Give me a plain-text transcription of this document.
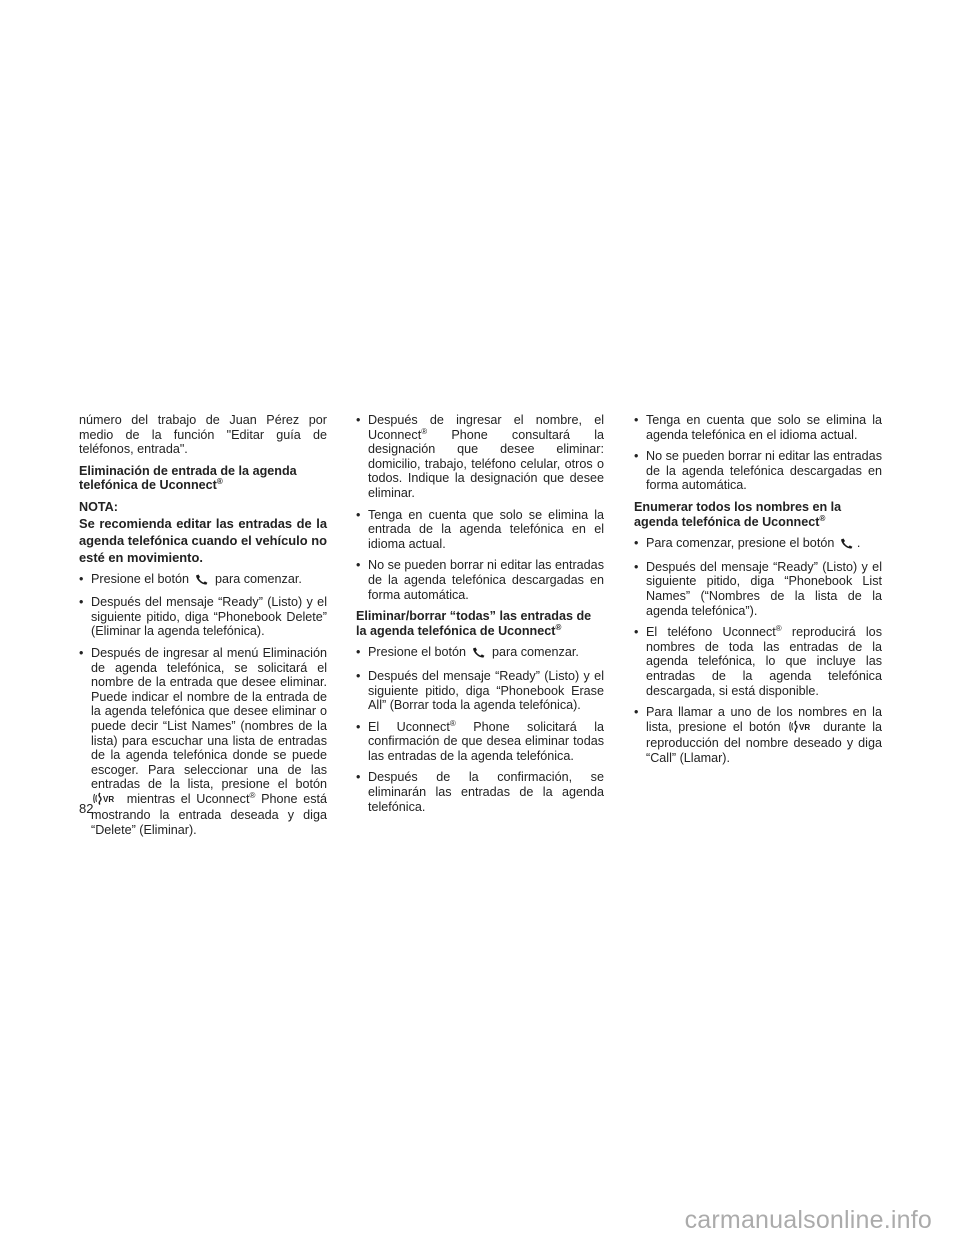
número del trabajo de Juan Pérez por medio de la función "Editar guía de teléfonos, entrada".

Eliminación de entrada de la agenda telefónica de Uconnect®
NOTA:

Se recomienda editar las entradas de la agenda telefónica cuando el vehículo no esté en movimiento.

• Presione el botón para comenzar.
• Después del mensaje “Ready” (Listo) y el siguiente pitido, diga “Phonebook Delete” (Eliminar la agenda telefónica).
• Después de ingresar al menú Eliminación de agenda telefónica, se solicitará el nombre de la entrada que desee eliminar. Puede indicar el nombre de la entrada de la agenda telefónica que desee eliminar o puede decir “List Names” (nombres de la lista) para escuchar una lista de entradas de la agenda telefónica donde se puede escoger. Para seleccionar una de las entradas de la lista, presione el botón
VR mientras el Uconnect® Phone está mostrando la entrada deseada y diga “Delete” (Eliminar).
• Después de ingresar el nombre, el Uconnect® Phone consultará la designación que desee eliminar: domicilio, trabajo, teléfono celular, otros o todos. Indique la designación que desee eliminar.
• Tenga en cuenta que solo se elimina la entrada de la agenda telefónica en el idioma actual.
• No se pueden borrar ni editar las entradas de la agenda telefónica descargadas en forma automática.
Eliminar/borrar “todas” las entradas de la agenda telefónica de Uconnect®
• Presione el botón para comenzar.
• Después del mensaje “Ready” (Listo) y el siguiente pitido, diga “Phonebook Erase All” (Borrar toda la agenda telefónica).
• El Uconnect® Phone solicitará la confirmación de que desea eliminar todas las entradas de la agenda telefónica.
• Después de la confirmación, se eliminarán las entradas de la agenda telefónica.
• Tenga en cuenta que solo se elimina la agenda telefónica en el idioma actual.
• No se pueden borrar ni editar las entradas de la agenda telefónica descargadas en forma automática.
Enumerar todos los nombres en la agenda telefónica de Uconnect®
• Para comenzar, presione el botón .
• Después del mensaje “Ready” (Listo) y el siguiente pitido, diga “Phonebook List Names” (“Nombres de la lista de la agenda telefónica”).
• El teléfono Uconnect® reproducirá los nombres de toda las entradas de la agenda telefónica, lo que incluye las entradas de la agenda telefónica descargada, si está disponible.
• Para llamar a uno de los nombres en la lista, presione el botón VR durante la reproducción del nombre deseado y diga “Call” (Llamar).
82
carmanualsonline.info
